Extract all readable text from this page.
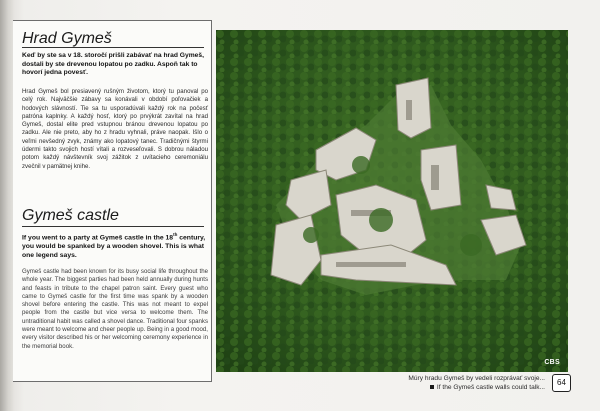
Hrad Gymeš

Keď by ste sa v 18. storočí prišli zabávať na hrad Gymeš, dostali by ste drevenou lopatou po zadku. Aspoň tak to hovorí jedna povesť.

Hrad Gymeš bol presiavený rušným životom, ktorý tu panoval po celý rok. Najväčšie zábavy sa konávali v období poľovačiek a hodových slávností. Tie sa tu usporadúvali každý rok na počesť patróna kaplnky. A každý hosť, ktorý po prvýkrát zavítal na hrad Gymeš, dostal elite pred vstupnou bránou drevenou lopatou po zadku. Ale nie preto, aby ho z hradu vyhnali, práve naopak. Išlo o veľmi nevšedný zvyk, známy ako lopatový tanec. Tradičnými štyrmi údermi takto svojich hostí vítali a rozveseľovali. S dobrou náladou potom každý návštevník svoj zážitok z uvítacieho ceremoniálu zvečnil v pamätnej knihe.

Gymeš castle

If you went to a party at Gymeš castle in the 18th century, you would be spanked by a wooden shovel. This is what one legend says.

Gymeš castle had been known for its busy social life throughout the whole year. The biggest parties had been held annually during hunts and feasts in tribute to the chapel patron saint. Every guest who came to Gymeš castle for the first time was spank by a wooden shovel before entering the castle. This was not meant to expel people from the castle but vice versa to welcome them. The untraditional habit was called a shovel dance. Traditional four spanks were meant to welcome and cheer people up. Being in a good mood, every visitor described his or her welcoming ceremony experience in the memorial book.

CBS
Múry hradu Gymeš by vedeli rozprávať svoje...
If the Gymeš castle walls could talk...
64
